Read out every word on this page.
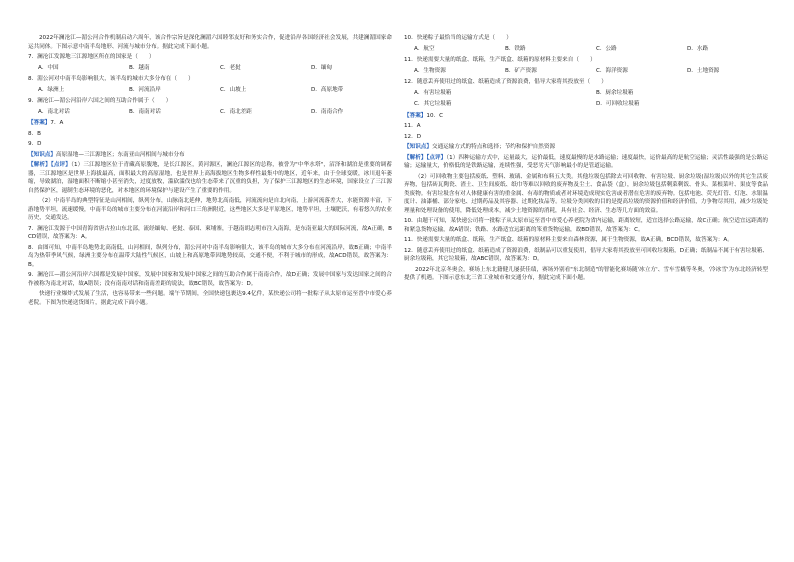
2022年澜沧江—湄公河合作机制启动六周年，该合作宗旨是深化澜湄六国睦邻友好和务实合作，促进沿岸各国经济社会发展，共建澜湄国家命运共同体。下图示意中南半岛地形、河流与城市分布。据此完成下面小题。

7．澜沧江发源地三江源地区所在的国家是（　　）

A．中国	B．越南	C．老挝	D．缅甸

8．湄公河对中南半岛影响很大，该半岛的城市大多分布在（　　）

A．绿洲上	B．河流沿岸	C．山坡上	D．高原地带

9．澜沧江—湄公河沿岸六国之间的互助合作属于（　　）

A．南北对话	B．南南对话	C．南北差距	D．南南合作

【答案】7．A

8．B

9．D

【知识点】高原湿地—三江源地区；东南亚山河相间与城市分布

【解析】【点评】（1）三江源地区位于青藏高原腹地，是长江源区，黄河源区，澜沧江源区的总称，被誉为"中华水塔"，沼泽和湖泊是重要的调蓄器，三江源地区是世界上海拔最高，面积最大的高原湿地，也是世界上高海拔地区生物多样性最集中的地区，近年来，由于全球变暖，冰川退年萎缩，导致湖泊，湿地面积不断缩小甚至消失，过度放牧，滥砍滥伐也给生态带来了沉重的负担，为了保护三江源地区的生态环境，国家设立了三江源自然保护区，遏制生态环境的恶化，对本地区的环境保护与建设产生了重要的作用。

（2）中南半岛的典型特征是山河相间，纵列分布，山脉南北延伸，地势北高南低，河流流向是自北向南，上游河流落差大，水能资源丰富，下游地势平坦，流速缓慢，中南半岛的城市主要分布在河流沿岸和河口三角洲附近，这些地区大多是平原地区，地势平坦，土壤肥沃，有着悠久的农业历史，交通发达。

7．澜沧江发源于中国青海省唐古拉山东北部，流经缅甸、老挝、泰国、柬埔寨，于越南胡志明市注入南海，是东南亚最大的国际河流，故A正确，BCD错误，故答案为：A。

8．由图可知，中南半岛地势北高南低，山河相间，纵列分布，湄公河对中南半岛影响很大，该半岛的城市大多分布在河流沿岸，故B正确；中南半岛为热带季风气候，绿洲主要分布在温带大陆性气候区，山坡上和高原地带因地势较高，交通不便，不利于城市的形成，故ACD错误，故答案为：B。

9．澜沧江—湄公河沿岸六国都是发展中国家，发展中国家和发展中国家之间的互助合作属于南南合作，故D正确；发展中国家与发达国家之间的合作被称为南北对话，故A错误；没有南南对话和南南差距的说法，故BC错误，故答案为：D。

快递行业爆炸式发展了生活，也容易带来一些问题。端午节期间，全国快递包裹达9.4亿件，某快递公司将一批粽子从太原市运至晋中市爱心养老院。下图为快递送货图片，据此完成下面小题。

10．快递粽子最恰当的运输方式是（　　）

A．航空	B．铁路	C．公路	D．水路

11．快递需要大量的纸盒、纸箱，生产纸盒、纸箱的原材料主要来自（　　）

A．生物资源	B．矿产资源	C．海洋资源	D．土地资源

12．随意丢弃使用过的纸盒、纸箱造成了资源浪费，倡导大家将其投放至（　　）

A．有害垃圾箱	B．厨余垃圾箱
C．其它垃圾箱	D．可回收垃圾箱

【答案】10．C

11．A

12．D

【知识点】交通运输方式的特点和选择；节约和保护自然资源

【解析】【点评】（1）四种运输方式中，运量最大，运价最低，速度最慢的是水路运输；速度最快，运价最高的是航空运输；灵活性最强的是公路运输；运输量大，价格低的是铁路运输，连续性强，受恶劣天气影响最小的是管道运输。

（2）可回收物主要包括废纸、塑料、玻璃、金属和布料五大类。其他垃圾包括除去可回收物、有害垃圾、厨余垃圾(湿垃圾)以外的其它生活废弃物，包括砖瓦陶瓷、渣土、卫生间废纸、纸巾等难以回收的废弃物及尘土、食品袋（盒），厨余垃圾包括剩菜剩饭、骨头、菜根菜叶、果皮等食品类废物。有害垃圾含有对人体健康有害的重金属、有毒的物质或者对环境造成现实危害或者潜在危害的废弃物。包括电池、荧光灯管、灯泡、水银温度计、油漆桶、部分家电、过期药品及其容器、过期化妆品等。垃圾分类回收的目的是提高垃圾的资源价值和经济价值，力争物尽其用，减少垃圾处理量和处理设备的使用，降低处理成本，减少土地资源的消耗，具有社会、经济、生态等几方面的效益。

10．由题干可知，某快递公司将一批粽子从太原市运至晋中市爱心养老院为省内运输，距离较短，适宜选择公路运输，故C正确；航空适宜远距离的和紧急货物运输，故A错误；铁路、水路适宜远距离的笨重货物运输，故BD错误，故答案为：C。

11．快递需要大量的纸盒、纸箱，生产纸盒、纸箱的原材料主要来自森林资源，属于生物资源，故A正确，BCD错误，故答案为：A。

12．随意丢弃使用过的纸盒、纸箱造成了资源浪费，纸制品可以重复使用，倡导大家将其投放至可回收垃圾箱，D正确；纸制品不属于有害垃圾箱、厨余垃圾箱，其它垃圾箱，故ABC错误，故答案为：D。

2022年北京冬奥会，赛场上东北籍健儿屡获佳绩，赛场外别看"东北制造"的智能化赛场随'冰立方'、雪车雪橇等冬奥，'冷冰雪'为东北经济转型提供了机遇。下图示意东北三省工业城市和交通分布，据此完成下面小题。
